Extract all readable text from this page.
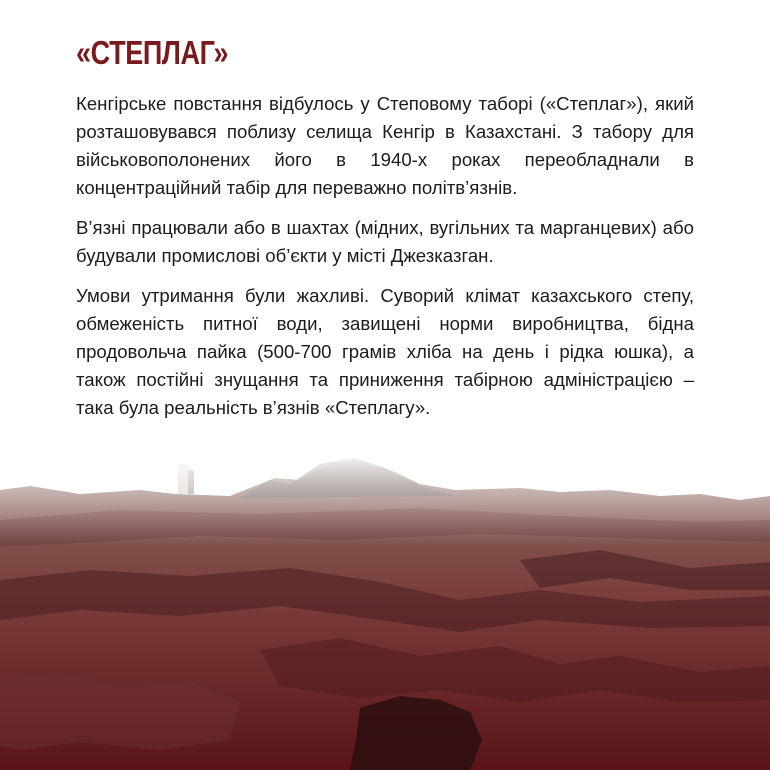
«СТЕПЛАГ»

Кенгірське повстання відбулось у Степовому таборі («Степлаг»), який розташовувався поблизу селища Кенгір в Казахстані. З табору для військовополонених його в 1940-х роках переобладнали в концентраційний табір для переважно політв’язнів.

В’язні працювали або в шахтах (мідних, вугільних та марганцевих) або будували промислові об’єкти у місті Джезказган.

Умови утримання були жахливі. Суворий клімат казахського степу, обмеженість питної води, завищені норми виробництва, бідна продовольча пайка (500-700 грамів хліба на день і рідка юшка), а також постійні знущання та приниження табірною адміністрацією – така була реальність в’язнів «Степлагу».
